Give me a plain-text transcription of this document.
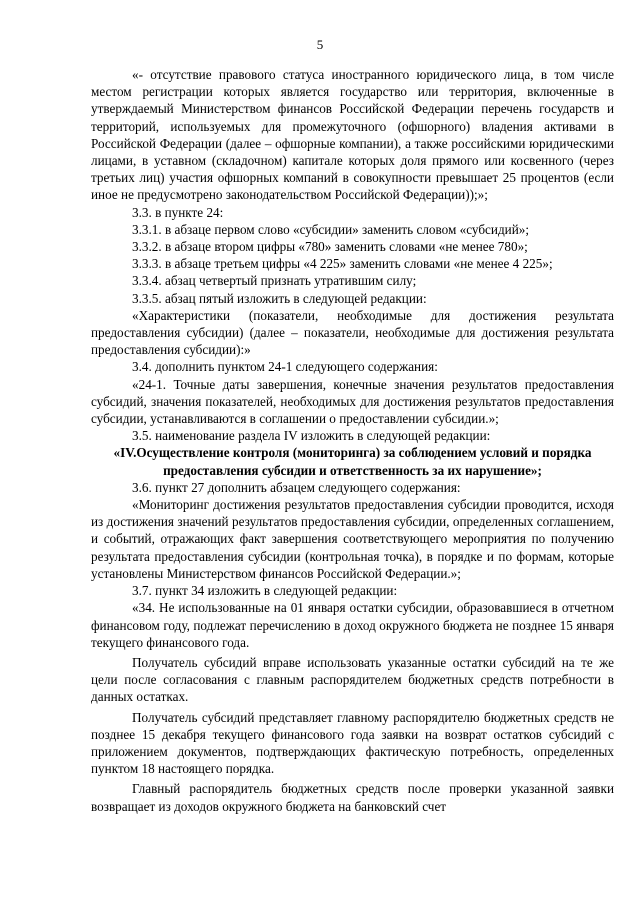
5

«- отсутствие правового статуса иностранного юридического лица, в том числе местом регистрации которых является государство или территория, включенные в утверждаемый Министерством финансов Российской Федерации перечень государств и территорий, используемых для промежуточного (офшорного) владения активами в Российской Федерации (далее – офшорные компании), а также российскими юридическими лицами, в уставном (складочном) капитале которых доля прямого или косвенного (через третьих лиц) участия офшорных компаний в совокупности превышает 25 процентов (если иное не предусмотрено законодательством Российской Федерации));»;

3.3. в пункте 24:

3.3.1. в абзаце первом слово «субсидии» заменить словом «субсидий»;

3.3.2. в абзаце втором цифры «780» заменить словами «не менее 780»;

3.3.3. в абзаце третьем цифры «4 225» заменить словами «не менее 4 225»;

3.3.4. абзац четвертый признать утратившим силу;

3.3.5. абзац пятый изложить в следующей редакции:

«Характеристики (показатели, необходимые для достижения результата предоставления субсидии) (далее – показатели, необходимые для достижения результата предоставления субсидии):»

3.4. дополнить пунктом 24-1 следующего содержания:

«24-1. Точные даты завершения, конечные значения результатов предоставления субсидий, значения показателей, необходимых для достижения результатов предоставления субсидии, устанавливаются в соглашении о предоставлении субсидии.»;

3.5. наименование раздела IV изложить в следующей редакции:

«IV.Осуществление контроля (мониторинга) за соблюдением условий и порядка предоставления субсидии и ответственность за их нарушение»;

3.6. пункт 27 дополнить абзацем следующего содержания:

«Мониторинг достижения результатов предоставления субсидии проводится, исходя из достижения значений результатов предоставления субсидии, определенных соглашением, и событий, отражающих факт завершения соответствующего мероприятия по получению результата предоставления субсидии (контрольная точка), в порядке и по формам, которые установлены Министерством финансов Российской Федерации.»;

3.7. пункт 34 изложить в следующей редакции:

«34. Не использованные на 01 января остатки субсидии, образовавшиеся в отчетном финансовом году, подлежат перечислению в доход окружного бюджета не позднее 15 января текущего финансового года.

Получатель субсидий вправе использовать указанные остатки субсидий на те же цели после согласования с главным распорядителем бюджетных средств потребности в данных остатках.

Получатель субсидий представляет главному распорядителю бюджетных средств не позднее 15 декабря текущего финансового года заявки на возврат остатков субсидий с приложением документов, подтверждающих фактическую потребность, определенных пунктом 18 настоящего порядка.

Главный распорядитель бюджетных средств после проверки указанной заявки возвращает из доходов окружного бюджета на банковский счет
